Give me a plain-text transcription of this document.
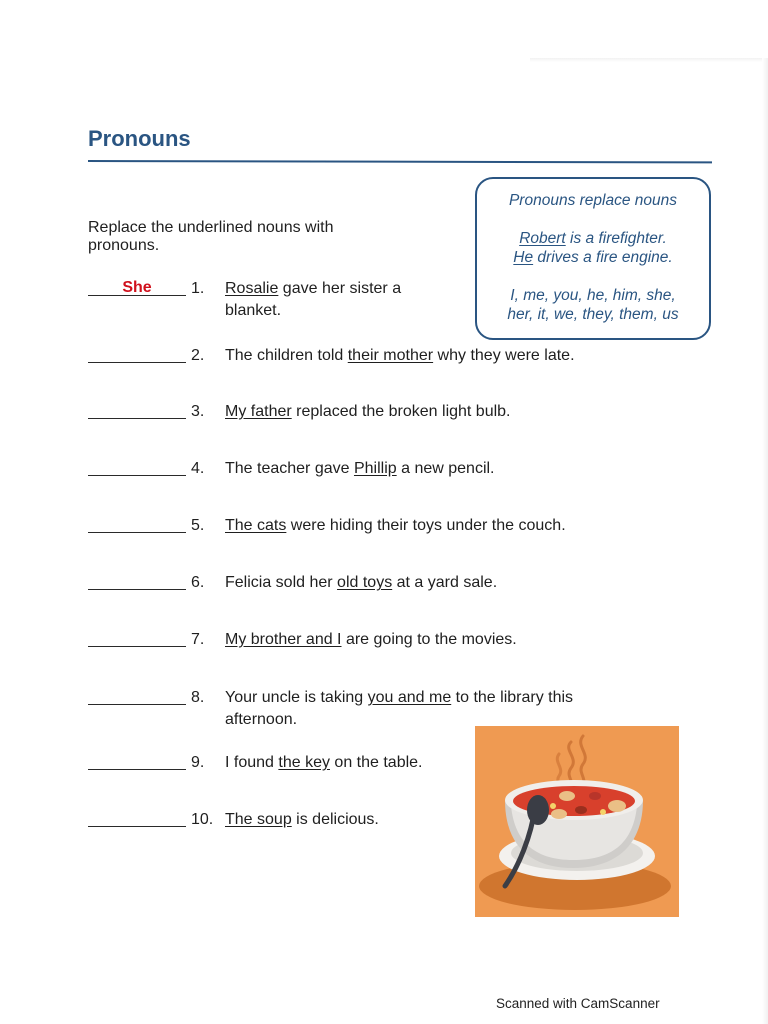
Pronouns

Replace the underlined nouns with pronouns.

Pronouns replace nouns

Robert is a firefighter.

He drives a fire engine.

I, me, you, he, him, she,

her, it, we, they, them, us

She	1. Rosalie gave her sister a blanket.
2. The children told their mother why they were late.
3. My father replaced the broken light bulb.
4. The teacher gave Phillip a new pencil.
5. The cats were hiding their toys under the couch.
6. Felicia sold her old toys at a yard sale.
7. My brother and I are going to the movies.
8. Your uncle is taking you and me to the library this afternoon.
9. I found the key on the table.
10. The soup is delicious.

Scanned with CamScanner
